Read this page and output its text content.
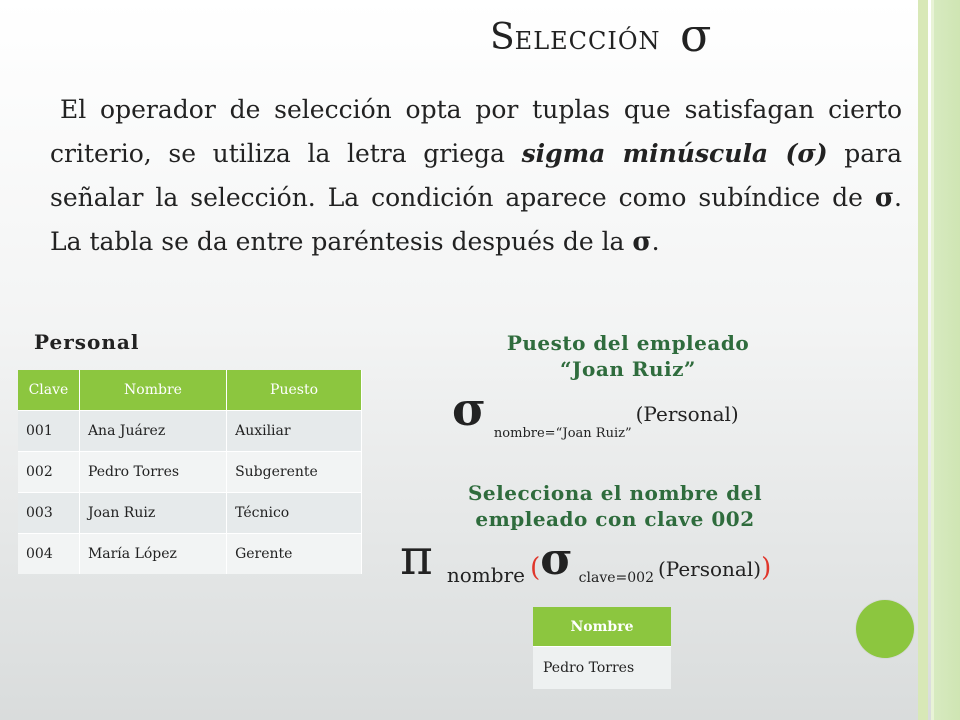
SELECCIÓN σ
El operador de selección opta por tuplas que satisfagan cierto criterio, se utiliza la letra griega sigma minúscula (σ) para señalar la selección. La condición aparece como subíndice de σ. La tabla se da entre paréntesis después de la σ.
Personal
Clave	Nombre	Puesto
001	Ana Juárez	Auxiliar
002	Pedro Torres	Subgerente
003	Joan Ruiz	Técnico
004	María López	Gerente
Puesto del empleado
“Joan Ruiz”
σ $_{nombre=“Joan Ruiz”}$(Personal)
Selecciona el nombre del
empleado con clave 002
πnombre (σ clave=002 (Personal))
Nombre
Pedro Torres
